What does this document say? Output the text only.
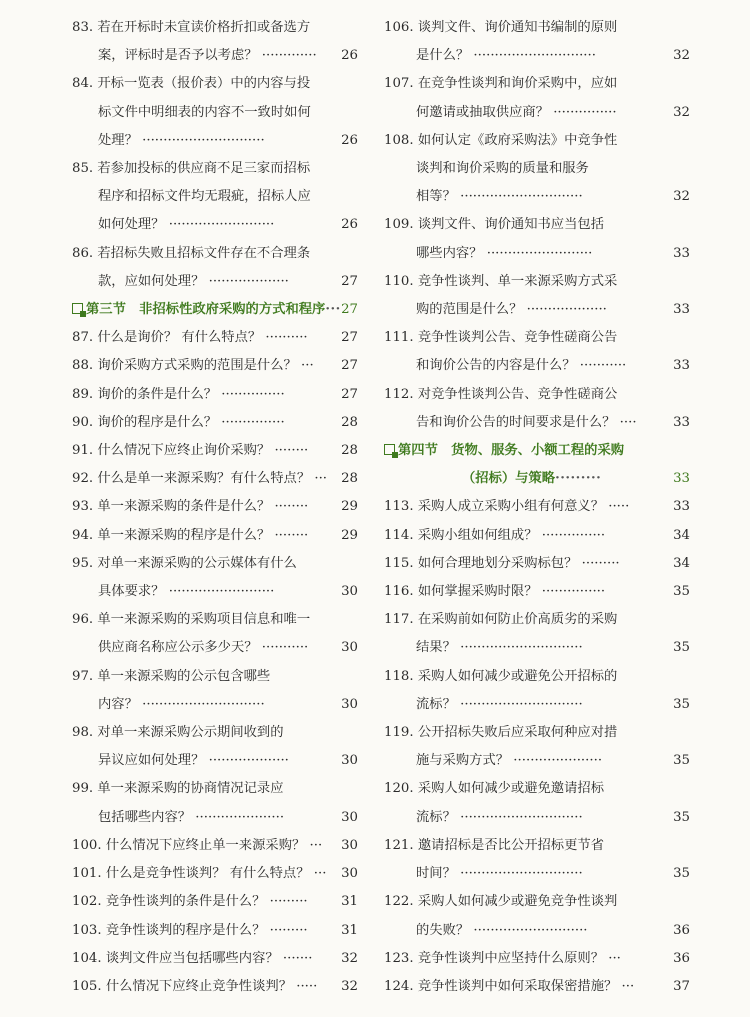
83. 若在开标时未宣读价格折扣或备选方
案，评标时是否予以考虑？ ············· 26
84. 开标一览表（报价表）中的内容与投
标文件中明细表的内容不一致时如何
处理？ ·····························	26
85. 若参加投标的供应商不足三家而招标
程序和招标文件均无瑕疵，招标人应
如何处理？ ·························	26
86. 若招标失败且招标文件存在不合理条
款，应如何处理？ ···················	27
第三节　非招标性政府采购的方式和程序··· 27
87. 什么是询价？ 有什么特点？ ··········	27
88. 询价采购方式采购的范围是什么？ ··· 27
89. 询价的条件是什么？ ···············	27
90. 询价的程序是什么？ ···············	28
91. 什么情况下应终止询价采购？ ········ 28
92. 什么是单一来源采购？有什么特点？ ··· 28
93. 单一来源采购的条件是什么？ ········ 29
94. 单一来源采购的程序是什么？ ········ 29
95. 对单一来源采购的公示媒体有什么
具体要求？ ·························	30
96. 单一来源采购的采购项目信息和唯一
供应商名称应公示多少天？ ··········· 30
97. 单一来源采购的公示包含哪些
内容？ ·····························	30
98. 对单一来源采购公示期间收到的
异议应如何处理？ ···················	30
99. 单一来源采购的协商情况记录应
包括哪些内容？ ·····················	30
100. 什么情况下应终止单一来源采购？ ··· 30
101. 什么是竞争性谈判？ 有什么特点？ ··· 30
102. 竞争性谈判的条件是什么？ ·········	31
103. 竞争性谈判的程序是什么？ ·········	31
104. 谈判文件应当包括哪些内容？ ······· 32
105. 什么情况下应终止竞争性谈判？ ····· 32
106. 谈判文件、询价通知书编制的原则
是什么？ ·····························	32
107. 在竞争性谈判和询价采购中，应如
何邀请或抽取供应商？ ···············	32
108. 如何认定《政府采购法》中竞争性
谈判和询价采购的质量和服务
相等？ ·····························	32
109. 谈判文件、询价通知书应当包括
哪些内容？ ·························	33
110. 竞争性谈判、单一来源采购方式采
购的范围是什么？ ···················	33
111. 竞争性谈判公告、竞争性磋商公告
和询价公告的内容是什么？ ···········	33
112. 对竞争性谈判公告、竞争性磋商公
告和询价公告的时间要求是什么？ ····	33
第四节　货物、服务、小额工程的采购
（招标）与策略·········	33
113. 采购人成立采购小组有何意义？ ·····	33
114. 采购小组如何组成？ ···············	34
115. 如何合理地划分采购标包？ ·········	34
116. 如何掌握采购时限？ ···············	35
117. 在采购前如何防止价高质劣的采购
结果？ ·····························	35
118. 采购人如何减少或避免公开招标的
流标？ ·····························	35
119. 公开招标失败后应采取何种应对措
施与采购方式？ ·····················	35
120. 采购人如何减少或避免邀请招标
流标？ ·····························	35
121. 邀请招标是否比公开招标更节省
时间？ ·····························	35
122. 采购人如何减少或避免竞争性谈判
的失败？ ···························	36
123. 竞争性谈判中应坚持什么原则？ ···	36
124. 竞争性谈判中如何采取保密措施？ ···	37
